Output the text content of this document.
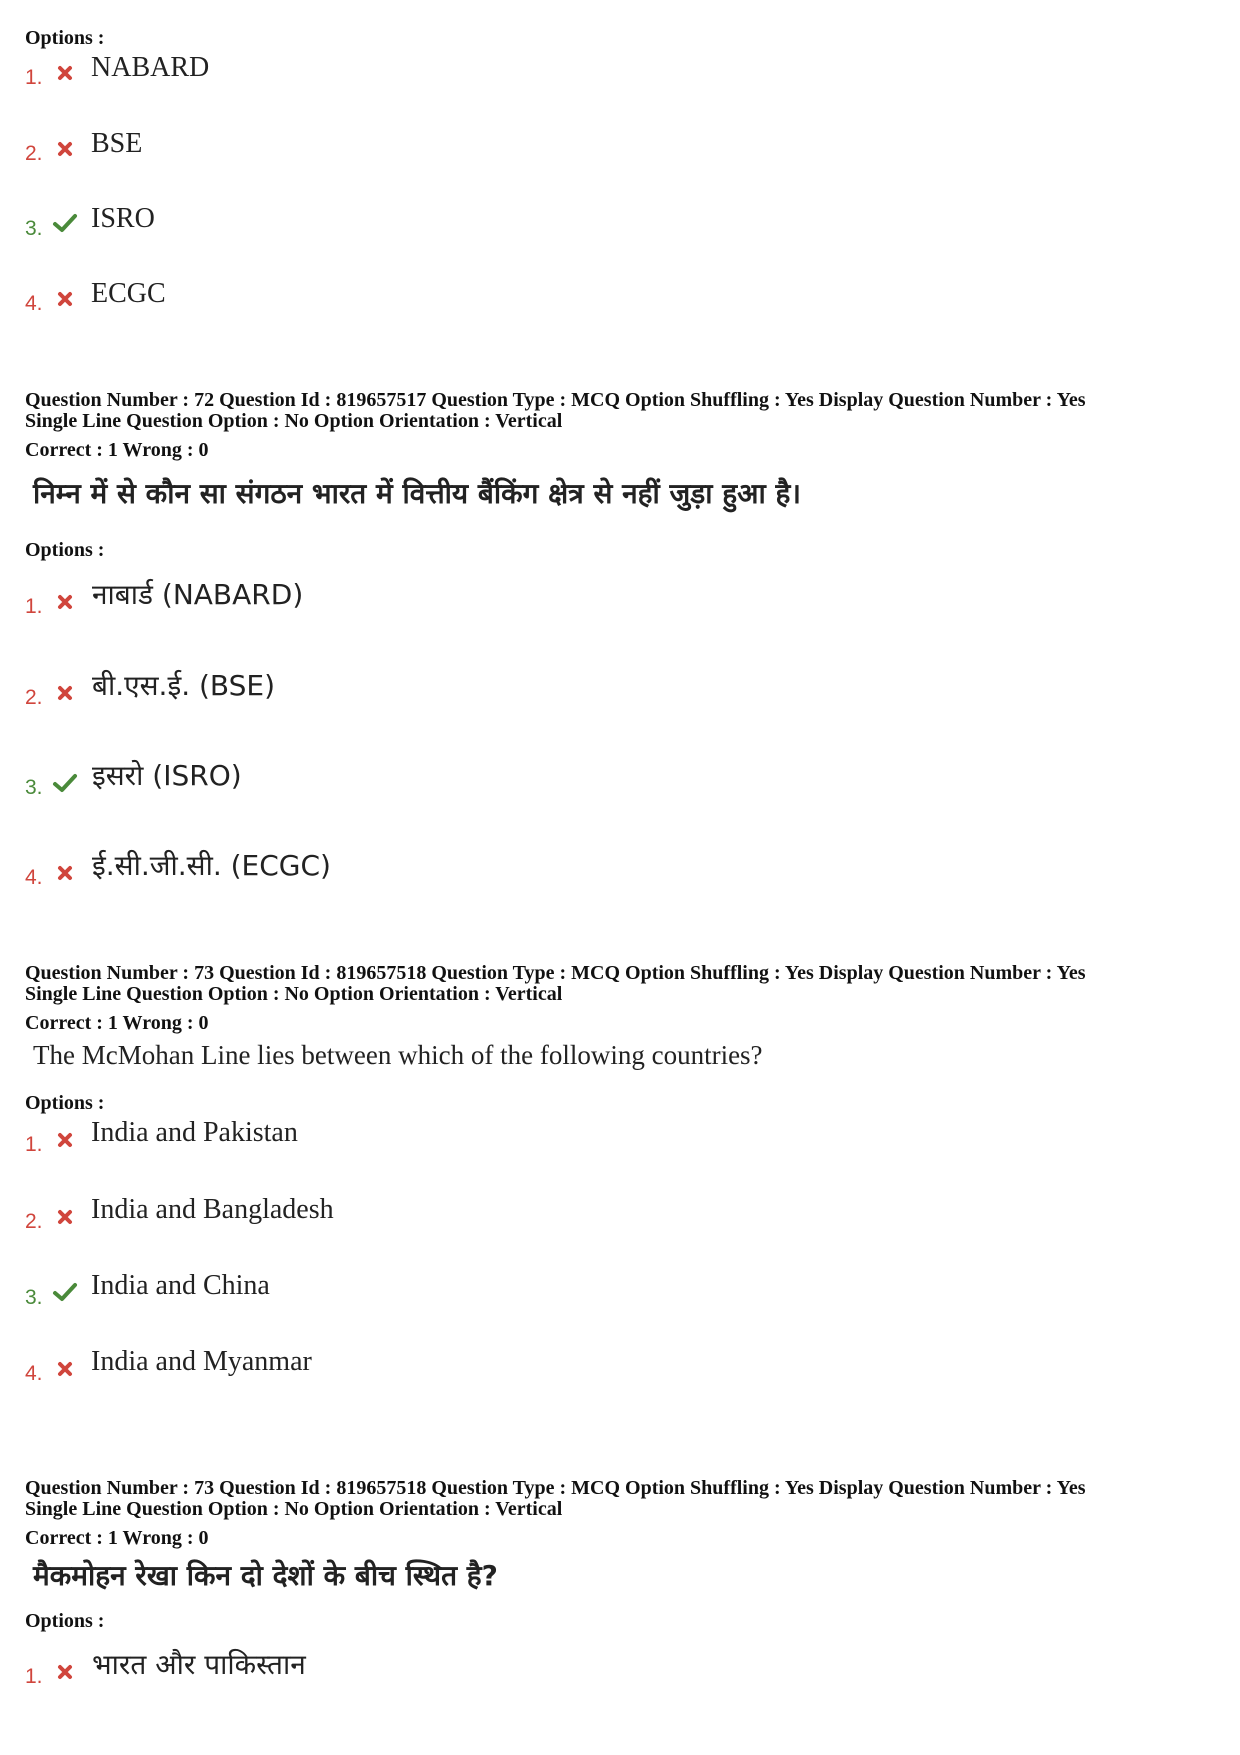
Options :
1. NABARD
2. BSE
3. ISRO
4. ECGC
Question Number : 72 Question Id : 819657517 Question Type : MCQ Option Shuffling : Yes Display Question Number : Yes
Single Line Question Option : No Option Orientation : Vertical
Correct : 1 Wrong : 0
निम्न में से कौन सा संगठन भारत में वित्तीय बैंकिंग क्षेत्र से नहीं जुड़ा हुआ है।
Options :
1. नाबार्ड (NABARD)
2. बी.एस.ई. (BSE)
3. इसरो (ISRO)
4. ई.सी.जी.सी. (ECGC)
Question Number : 73 Question Id : 819657518 Question Type : MCQ Option Shuffling : Yes Display Question Number : Yes
Single Line Question Option : No Option Orientation : Vertical
Correct : 1 Wrong : 0
The McMohan Line lies between which of the following countries?
Options :
1. India and Pakistan
2. India and Bangladesh
3. India and China
4. India and Myanmar
Question Number : 73 Question Id : 819657518 Question Type : MCQ Option Shuffling : Yes Display Question Number : Yes
Single Line Question Option : No Option Orientation : Vertical
Correct : 1 Wrong : 0
मैकमोहन रेखा किन दो देशों के बीच स्थित है?
Options :
1. भारत और पाकिस्तान
